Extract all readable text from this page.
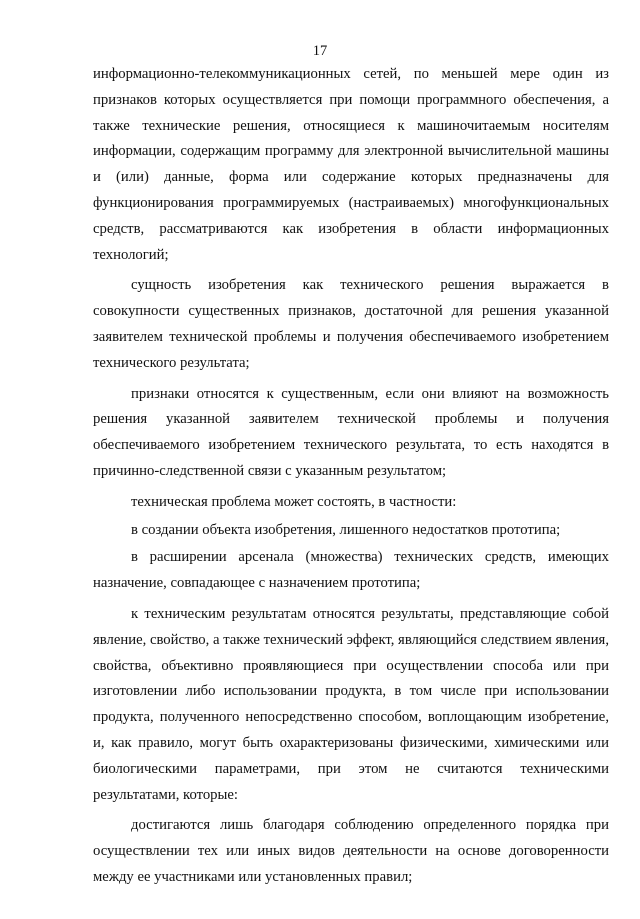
17

информационно-телекоммуникационных сетей, по меньшей мере один из признаков которых осуществляется при помощи программного обеспечения, а также технические решения, относящиеся к машиночитаемым носителям информации, содержащим программу для электронной вычислительной машины и (или) данные, форма или содержание которых предназначены для функционирования программируемых (настраиваемых) многофункциональных средств, рассматриваются как изобретения в области информационных технологий;

сущность изобретения как технического решения выражается в совокупности существенных признаков, достаточной для решения указанной заявителем технической проблемы и получения обеспечиваемого изобретением технического результата;

признаки относятся к существенным, если они влияют на возможность решения указанной заявителем технической проблемы и получения обеспечиваемого изобретением технического результата, то есть находятся в причинно-следственной связи с указанным результатом;

техническая проблема может состоять, в частности:

в создании объекта изобретения, лишенного недостатков прототипа;

в расширении арсенала (множества) технических средств, имеющих назначение, совпадающее с назначением прототипа;

к техническим результатам относятся результаты, представляющие собой явление, свойство, а также технический эффект, являющийся следствием явления, свойства, объективно проявляющиеся при осуществлении способа или при изготовлении либо использовании продукта, в том числе при использовании продукта, полученного непосредственно способом, воплощающим изобретение, и, как правило, могут быть охарактеризованы физическими, химическими или биологическими параметрами, при этом не считаются техническими результатами, которые:

достигаются лишь благодаря соблюдению определенного порядка при осуществлении тех или иных видов деятельности на основе договоренности между ее участниками или установленных правил;
